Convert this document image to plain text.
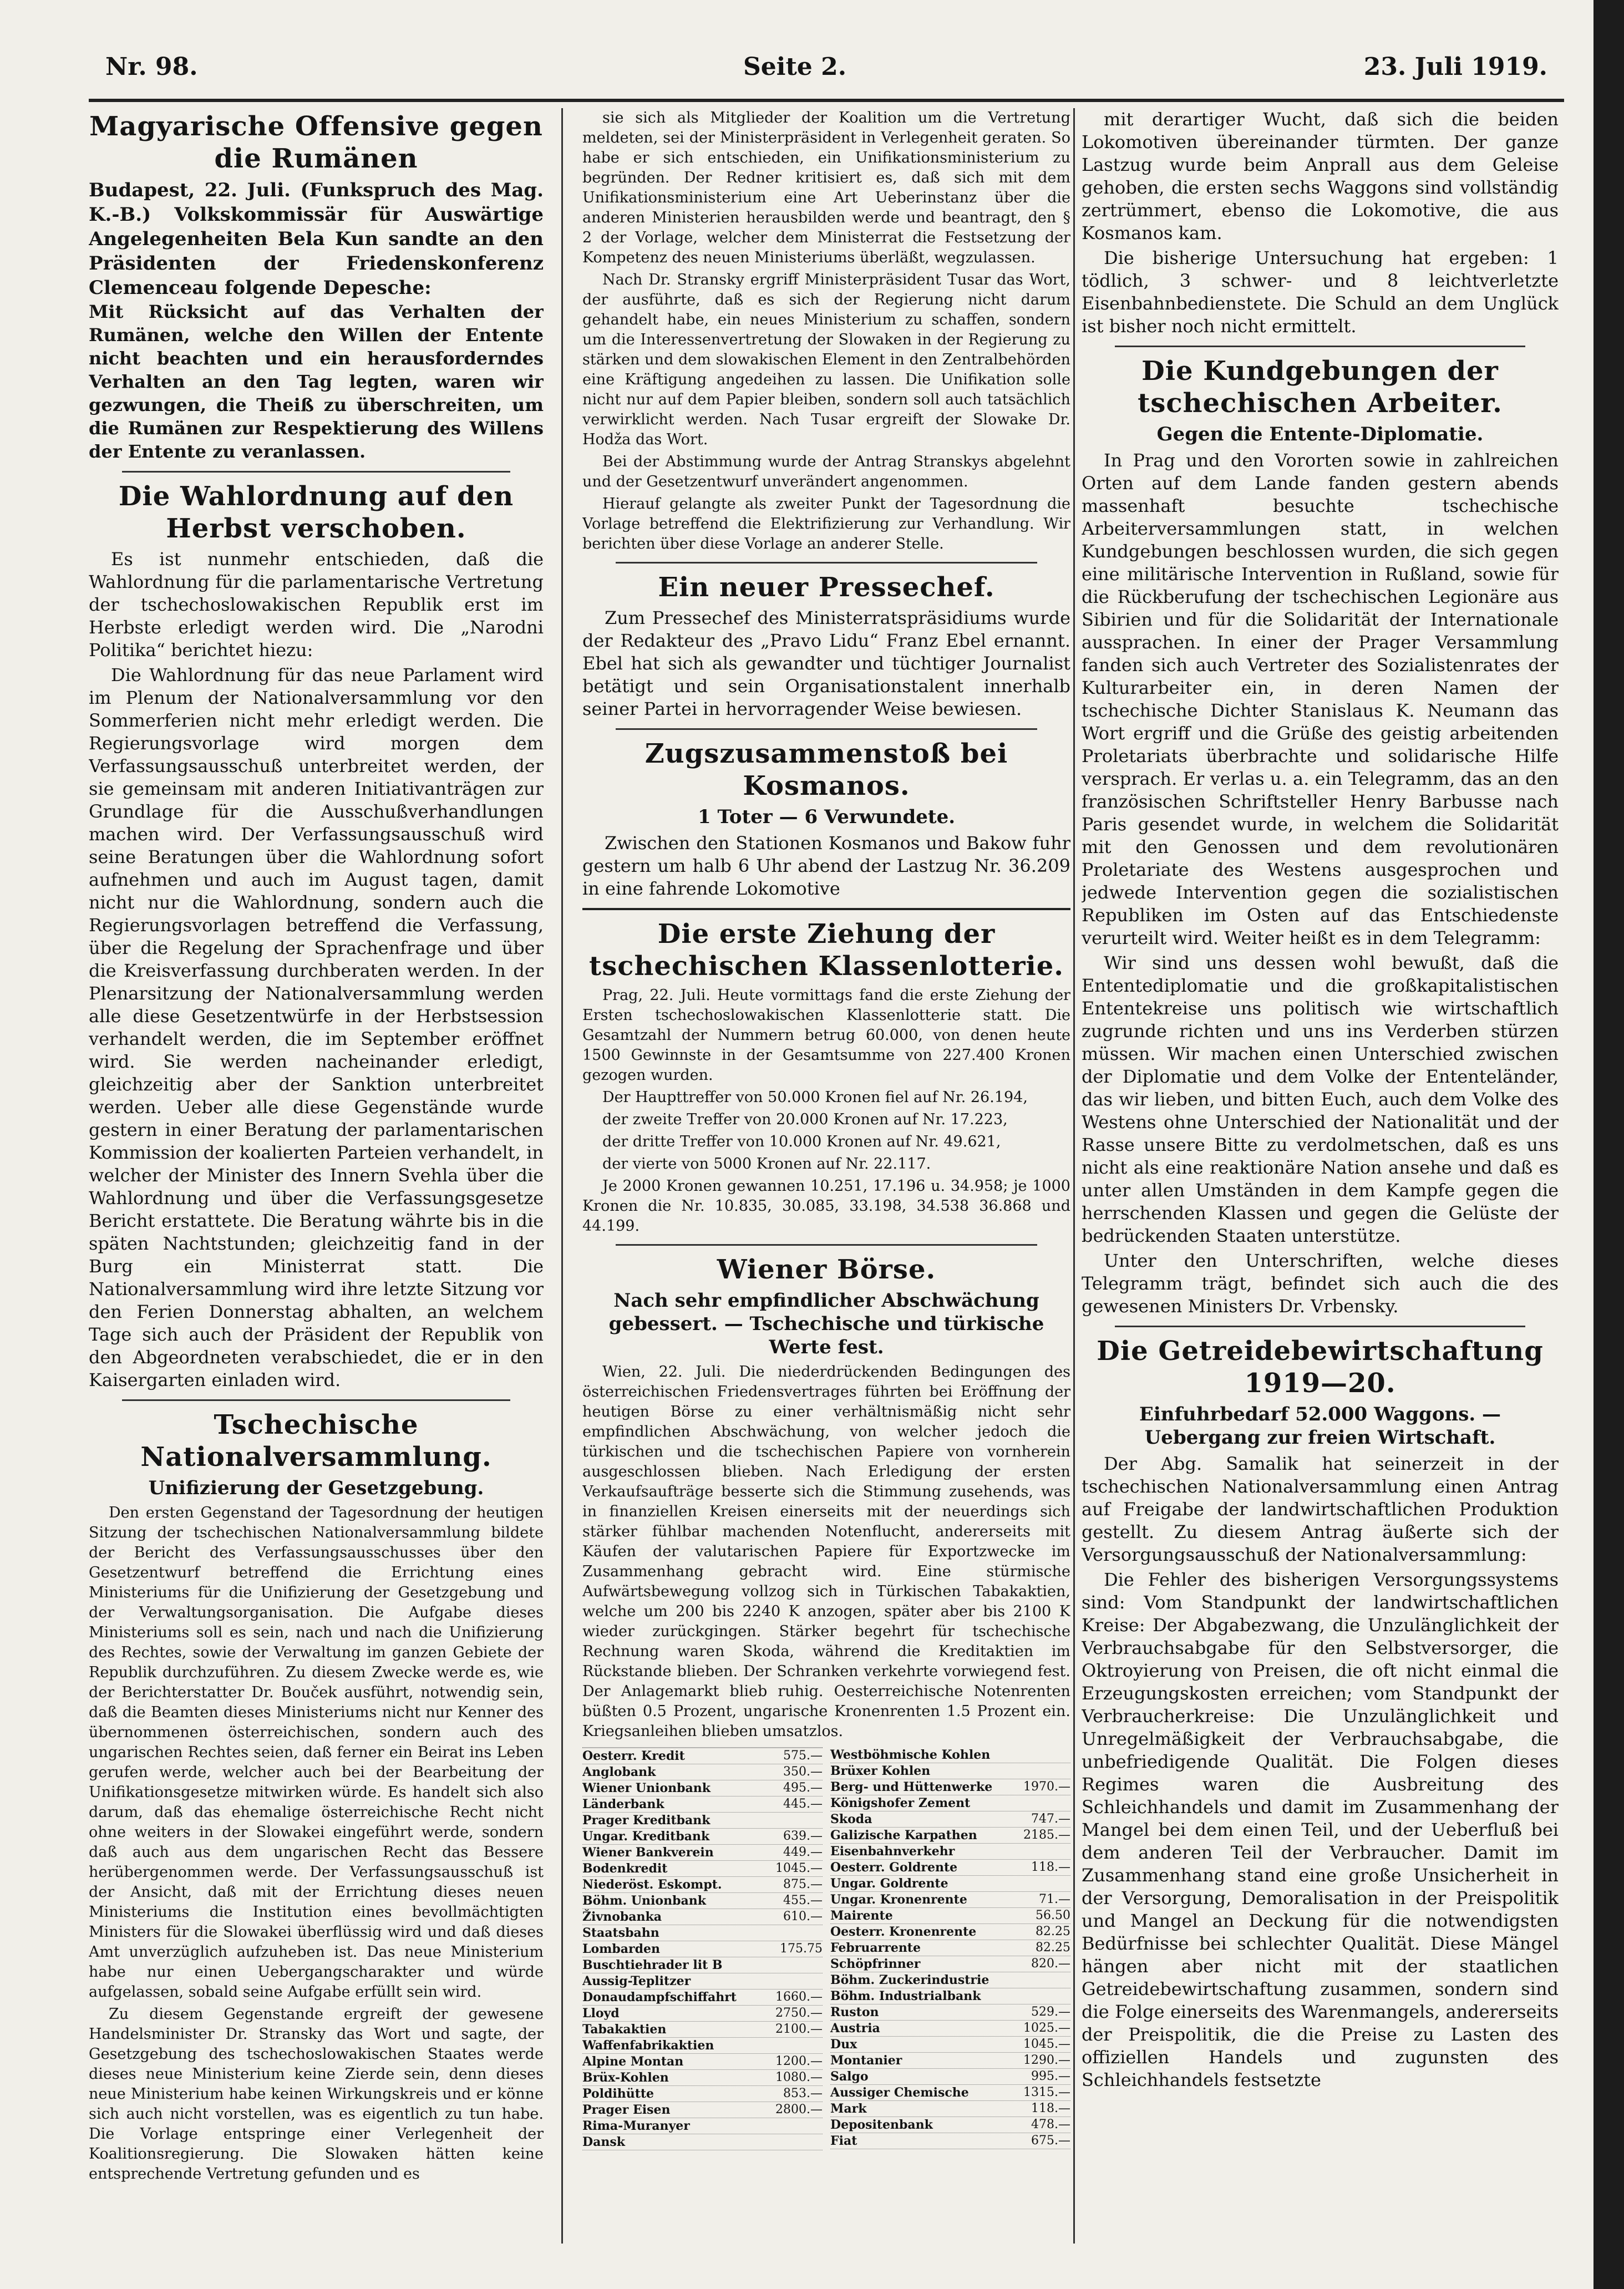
Nr. 98.	Seite 2.	23. Juli 1919.
Magyarische Offensive gegen die Rumänen

Budapest, 22. Juli. (Funkspruch des Mag. K.-B.) Volkskommissär für Auswärtige Angelegenheiten Bela Kun sandte an den Präsidenten der Friedenskonferenz Clemenceau folgende Depesche:

Mit Rücksicht auf das Verhalten der Rumänen, welche den Willen der Entente nicht beachten und ein herausforderndes Verhalten an den Tag legten, waren wir gezwungen, die Theiß zu überschreiten, um die Rumänen zur Respektierung des Willens der Entente zu veranlassen.

Die Wahlordnung auf den Herbst verschoben.

Es ist nunmehr entschieden, daß die Wahlordnung für die parlamentarische Vertretung der tschechoslowakischen Republik erst im Herbste erledigt werden wird. Die „Narodni Politika“ berichtet hiezu:

Die Wahlordnung für das neue Parlament wird im Plenum der Nationalversammlung vor den Sommerferien nicht mehr erledigt werden. Die Regierungsvorlage wird morgen dem Verfassungsausschuß unterbreitet werden, der sie gemeinsam mit anderen Initiativanträgen zur Grundlage für die Ausschußverhandlungen machen wird. Der Verfassungsausschuß wird seine Beratungen über die Wahlordnung sofort aufnehmen und auch im August tagen, damit nicht nur die Wahlordnung, sondern auch die Regierungsvorlagen betreffend die Verfassung, über die Regelung der Sprachenfrage und über die Kreisverfassung durchberaten werden. In der Plenarsitzung der Nationalversammlung werden alle diese Gesetzentwürfe in der Herbstsession verhandelt werden, die im September eröffnet wird. Sie werden nacheinander erledigt, gleichzeitig aber der Sanktion unterbreitet werden. Ueber alle diese Gegenstände wurde gestern in einer Beratung der parlamentarischen Kommission der koalierten Parteien verhandelt, in welcher der Minister des Innern Svehla über die Wahlordnung und über die Verfassungsgesetze Bericht erstattete. Die Beratung währte bis in die späten Nachtstunden; gleichzeitig fand in der Burg ein Ministerrat statt. Die Nationalversammlung wird ihre letzte Sitzung vor den Ferien Donnerstag abhalten, an welchem Tage sich auch der Präsident der Republik von den Abgeordneten verabschiedet, die er in den Kaisergarten einladen wird.

Tschechische Nationalversammlung.
Unifizierung der Gesetzgebung.

Den ersten Gegenstand der Tagesordnung der heutigen Sitzung der tschechischen Nationalversammlung bildete der Bericht des Verfassungsausschusses über den Gesetzentwurf betreffend die Errichtung eines Ministeriums für die Unifizierung der Gesetzgebung und der Verwaltungsorganisation. Die Aufgabe dieses Ministeriums soll es sein, nach und nach die Unifizierung des Rechtes, sowie der Verwaltung im ganzen Gebiete der Republik durchzuführen. Zu diesem Zwecke werde es, wie der Berichterstatter Dr. Bouček ausführt, notwendig sein, daß die Beamten dieses Ministeriums nicht nur Kenner des übernommenen österreichischen, sondern auch des ungarischen Rechtes seien, daß ferner ein Beirat ins Leben gerufen werde, welcher auch bei der Bearbeitung der Unifikationsgesetze mitwirken würde. Es handelt sich also darum, daß das ehemalige österreichische Recht nicht ohne weiters in der Slowakei eingeführt werde, sondern daß auch aus dem ungarischen Recht das Bessere herübergenommen werde. Der Verfassungsausschuß ist der Ansicht, daß mit der Errichtung dieses neuen Ministeriums die Institution eines bevollmächtigten Ministers für die Slowakei überflüssig wird und daß dieses Amt unverzüglich aufzuheben ist. Das neue Ministerium habe nur einen Uebergangscharakter und würde aufgelassen, sobald seine Aufgabe erfüllt sein wird.

Zu diesem Gegenstande ergreift der gewesene Handelsminister Dr. Stransky das Wort und sagte, der Gesetzgebung des tschechoslowakischen Staates werde dieses neue Ministerium keine Zierde sein, denn dieses neue Ministerium habe keinen Wirkungskreis und er könne sich auch nicht vorstellen, was es eigentlich zu tun habe. Die Vorlage entspringe einer Verlegenheit der Koalitionsregierung. Die Slowaken hätten keine entsprechende Vertretung gefunden und es

sie sich als Mitglieder der Koalition um die Vertretung meldeten, sei der Ministerpräsident in Verlegenheit geraten. So habe er sich entschieden, ein Unifikationsministerium zu begründen. Der Redner kritisiert es, daß sich mit dem Unifikationsministerium eine Art Ueberinstanz über die anderen Ministerien herausbilden werde und beantragt, den § 2 der Vorlage, welcher dem Ministerrat die Festsetzung der Kompetenz des neuen Ministeriums überläßt, wegzulassen.

Nach Dr. Stransky ergriff Ministerpräsident Tusar das Wort, der ausführte, daß es sich der Regierung nicht darum gehandelt habe, ein neues Ministerium zu schaffen, sondern um die Interessenvertretung der Slowaken in der Regierung zu stärken und dem slowakischen Element in den Zentralbehörden eine Kräftigung angedeihen zu lassen. Die Unifikation solle nicht nur auf dem Papier bleiben, sondern soll auch tatsächlich verwirklicht werden. Nach Tusar ergreift der Slowake Dr. Hodža das Wort.

Bei der Abstimmung wurde der Antrag Stranskys abgelehnt und der Gesetzentwurf unverändert angenommen.

Hierauf gelangte als zweiter Punkt der Tagesordnung die Vorlage betreffend die Elektrifizierung zur Verhandlung. Wir berichten über diese Vorlage an anderer Stelle.

Ein neuer Pressechef.

Zum Pressechef des Ministerratspräsidiums wurde der Redakteur des „Pravo Lidu“ Franz Ebel ernannt. Ebel hat sich als gewandter und tüchtiger Journalist betätigt und sein Organisationstalent innerhalb seiner Partei in hervorragender Weise bewiesen.

Zugszusammenstoß bei Kosmanos.
1 Toter — 6 Verwundete.

Zwischen den Stationen Kosmanos und Bakow fuhr gestern um halb 6 Uhr abend der Lastzug Nr. 36.209 in eine fahrende Lokomotive

Die erste Ziehung der tschechischen Klassenlotterie.

Prag, 22. Juli. Heute vormittags fand die erste Ziehung der Ersten tschechoslowakischen Klassenlotterie statt. Die Gesamtzahl der Nummern betrug 60.000, von denen heute 1500 Gewinnste in der Gesamtsumme von 227.400 Kronen gezogen wurden.

Der Haupttreffer von 50.000 Kronen fiel auf Nr. 26.194,

der zweite Treffer von 20.000 Kronen auf Nr. 17.223,

der dritte Treffer von 10.000 Kronen auf Nr. 49.621,

der vierte von 5000 Kronen auf Nr. 22.117.

Je 2000 Kronen gewannen 10.251, 17.196 u. 34.958; je 1000 Kronen die Nr. 10.835, 30.085, 33.198, 34.538 36.868 und 44.199.

Wiener Börse.
Nach sehr empfindlicher Abschwächung gebessert. — Tschechische und türkische Werte fest.

Wien, 22. Juli. Die niederdrückenden Bedingungen des österreichischen Friedensvertrages führten bei Eröffnung der heutigen Börse zu einer verhältnismäßig nicht sehr empfindlichen Abschwächung, von welcher jedoch die türkischen und die tschechischen Papiere von vornherein ausgeschlossen blieben. Nach Erledigung der ersten Verkaufsaufträge besserte sich die Stimmung zusehends, was in finanziellen Kreisen einerseits mit der neuerdings sich stärker fühlbar machenden Notenflucht, andererseits mit Käufen der valutarischen Papiere für Exportzwecke im Zusammenhang gebracht wird. Eine stürmische Aufwärtsbewegung vollzog sich in Türkischen Tabakaktien, welche um 200 bis 2240 K anzogen, später aber bis 2100 K wieder zurückgingen. Stärker begehrt für tschechische Rechnung waren Skoda, während die Kreditaktien im Rückstande blieben. Der Schranken verkehrte vorwiegend fest. Der Anlagemarkt blieb ruhig. Oesterreichische Notenrenten büßten 0.5 Prozent, ungarische Kronenrenten 1.5 Prozent ein. Kriegsanleihen blieben umsatzlos.

Oesterr. Kredit	575.—
Anglobank	350.—
Wiener Unionbank	495.—
Länderbank	445.—
Prager Kreditbank
Ungar. Kreditbank	639.—
Wiener Bankverein	449.—
Bodenkredit	1045.—
Niederöst. Eskompt.	875.—
Böhm. Unionbank	455.—
Živnobanka	610.—
Staatsbahn
Lombarden	175.75
Buschtiehrader lit B
Aussig-Teplitzer
Donaudampfschiffahrt	1660.—
Lloyd	2750.—
Tabakaktien	2100.—
Waffenfabrikaktien
Alpine Montan	1200.—
Brüx-Kohlen	1080.—
Poldihütte	853.—
Prager Eisen	2800.—
Rima-Muranyer
Dansk
Westböhmische Kohlen
Brüxer Kohlen
Berg- und Hüttenwerke	1970.—
Königshofer Zement
Skoda	747.—
Galizische Karpathen	2185.—
Eisenbahnverkehr
Oesterr. Goldrente	118.—
Ungar. Goldrente
Ungar. Kronenrente	71.—
Mairente	56.50
Oesterr. Kronenrente	82.25
Februarrente	82.25
Schöpfrinner	820.—
Böhm. Zuckerindustrie
Böhm. Industrialbank
Ruston	529.—
Austria	1025.—
Dux	1045.—
Montanier	1290.—
Salgo	995.—
Aussiger Chemische	1315.—
Mark	118.—
Depositenbank	478.—
Fiat	675.—

mit derartiger Wucht, daß sich die beiden Lokomotiven übereinander türmten. Der ganze Lastzug wurde beim Anprall aus dem Geleise gehoben, die ersten sechs Waggons sind vollständig zertrümmert, ebenso die Lokomotive, die aus Kosmanos kam.

Die bisherige Untersuchung hat ergeben: 1 tödlich, 3 schwer- und 8 leichtverletzte Eisenbahnbedienstete. Die Schuld an dem Unglück ist bisher noch nicht ermittelt.

Die Kundgebungen der tschechischen Arbeiter.
Gegen die Entente-Diplomatie.

In Prag und den Vororten sowie in zahlreichen Orten auf dem Lande fanden gestern abends massenhaft besuchte tschechische Arbeiterversammlungen statt, in welchen Kundgebungen beschlossen wurden, die sich gegen eine militärische Intervention in Rußland, sowie für die Rückberufung der tschechischen Legionäre aus Sibirien und für die Solidarität der Internationale aussprachen. In einer der Prager Versammlung fanden sich auch Vertreter des Sozialistenrates der Kulturarbeiter ein, in deren Namen der tschechische Dichter Stanislaus K. Neumann das Wort ergriff und die Grüße des geistig arbeitenden Proletariats überbrachte und solidarische Hilfe versprach. Er verlas u. a. ein Telegramm, das an den französischen Schriftsteller Henry Barbusse nach Paris gesendet wurde, in welchem die Solidarität mit den Genossen und dem revolutionären Proletariate des Westens ausgesprochen und jedwede Intervention gegen die sozialistischen Republiken im Osten auf das Entschiedenste verurteilt wird. Weiter heißt es in dem Telegramm:

Wir sind uns dessen wohl bewußt, daß die Ententediplomatie und die großkapitalistischen Ententekreise uns politisch wie wirtschaftlich zugrunde richten und uns ins Verderben stürzen müssen. Wir machen einen Unterschied zwischen der Diplomatie und dem Volke der Ententeländer, das wir lieben, und bitten Euch, auch dem Volke des Westens ohne Unterschied der Nationalität und der Rasse unsere Bitte zu verdolmetschen, daß es uns nicht als eine reaktionäre Nation ansehe und daß es unter allen Umständen in dem Kampfe gegen die herrschenden Klassen und gegen die Gelüste der bedrückenden Staaten unterstütze.

Unter den Unterschriften, welche dieses Telegramm trägt, befindet sich auch die des gewesenen Ministers Dr. Vrbensky.

Die Getreidebewirtschaftung 1919—20.
Einfuhrbedarf 52.000 Waggons. — Uebergang zur freien Wirtschaft.

Der Abg. Samalik hat seinerzeit in der tschechischen Nationalversammlung einen Antrag auf Freigabe der landwirtschaftlichen Produktion gestellt. Zu diesem Antrag äußerte sich der Versorgungsausschuß der Nationalversammlung:

Die Fehler des bisherigen Versorgungssystems sind: Vom Standpunkt der landwirtschaftlichen Kreise: Der Abgabezwang, die Unzulänglichkeit der Verbrauchsabgabe für den Selbstversorger, die Oktroyierung von Preisen, die oft nicht einmal die Erzeugungskosten erreichen; vom Standpunkt der Verbraucherkreise: Die Unzulänglichkeit und Unregelmäßigkeit der Verbrauchsabgabe, die unbefriedigende Qualität. Die Folgen dieses Regimes waren die Ausbreitung des Schleichhandels und damit im Zusammenhang der Mangel bei dem einen Teil, und der Ueberfluß bei dem anderen Teil der Verbraucher. Damit im Zusammenhang stand eine große Unsicherheit in der Versorgung, Demoralisation in der Preispolitik und Mangel an Deckung für die notwendigsten Bedürfnisse bei schlechter Qualität. Diese Mängel hängen aber nicht mit der staatlichen Getreidebewirtschaftung zusammen, sondern sind die Folge einerseits des Warenmangels, andererseits der Preispolitik, die die Preise zu Lasten des offiziellen Handels und zugunsten des Schleichhandels festsetzte
